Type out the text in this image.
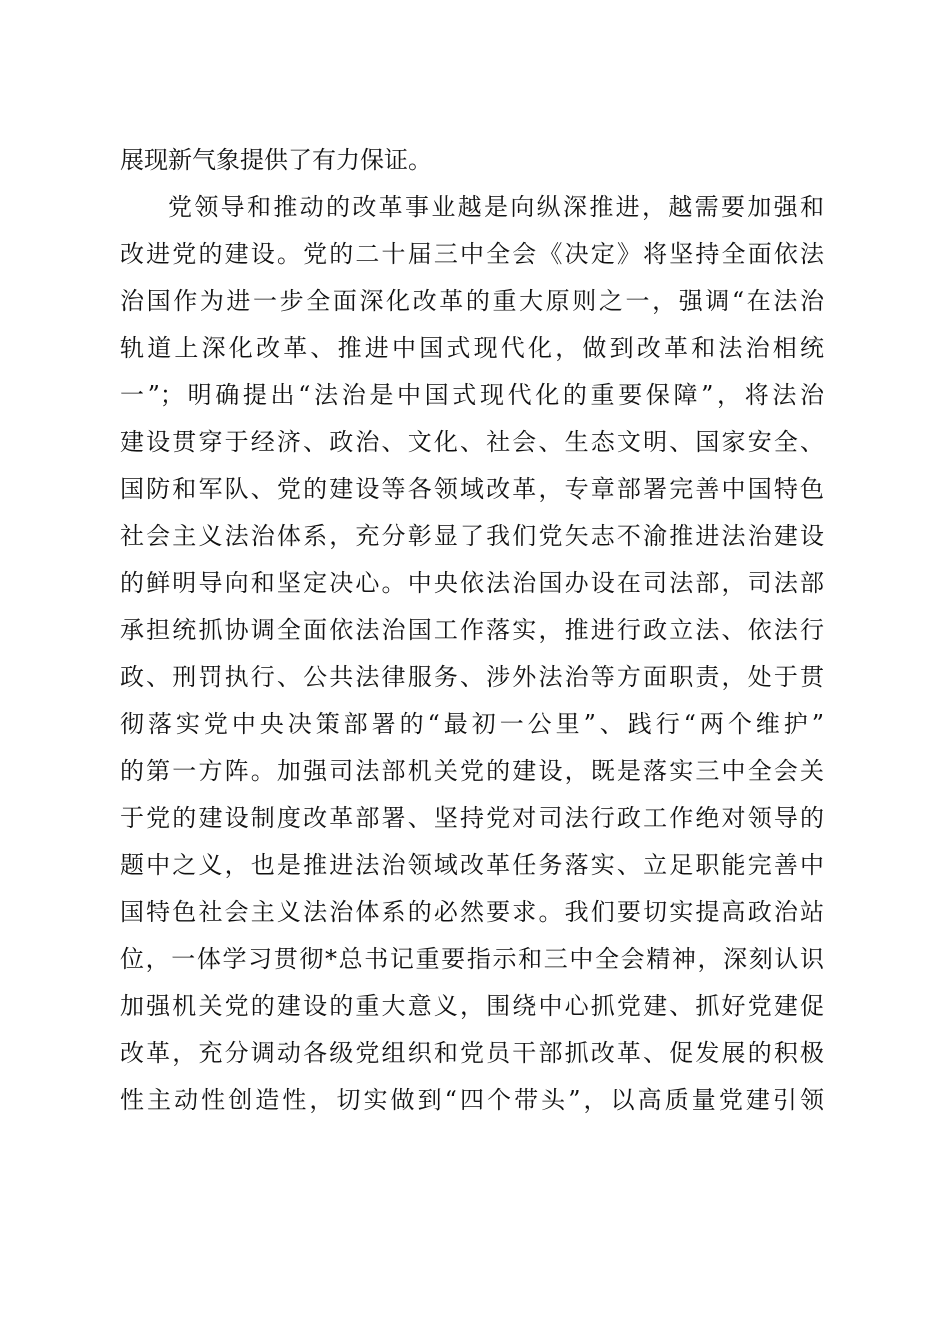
展现新气象提供了有力保证。
党领导和推动的改革事业越是向纵深推进，越需要加强和
改进党的建设。党的二十届三中全会《决定》将坚持全面依法
治国作为进一步全面深化改革的重大原则之一，强调“在法治
轨道上深化改革、推进中国式现代化，做到改革和法治相统
一”；明确提出“法治是中国式现代化的重要保障”，将法治
建设贯穿于经济、政治、文化、社会、生态文明、国家安全、
国防和军队、党的建设等各领域改革，专章部署完善中国特色
社会主义法治体系，充分彰显了我们党矢志不渝推进法治建设
的鲜明导向和坚定决心。中央依法治国办设在司法部，司法部
承担统抓协调全面依法治国工作落实，推进行政立法、依法行
政、刑罚执行、公共法律服务、涉外法治等方面职责，处于贯
彻落实党中央决策部署的“最初一公里”、践行“两个维护”
的第一方阵。加强司法部机关党的建设，既是落实三中全会关
于党的建设制度改革部署、坚持党对司法行政工作绝对领导的
题中之义，也是推进法治领域改革任务落实、立足职能完善中
国特色社会主义法治体系的必然要求。我们要切实提高政治站
位，一体学习贯彻*总书记重要指示和三中全会精神，深刻认识
加强机关党的建设的重大意义，围绕中心抓党建、抓好党建促
改革，充分调动各级党组织和党员干部抓改革、促发展的积极
性主动性创造性，切实做到“四个带头”，以高质量党建引领
